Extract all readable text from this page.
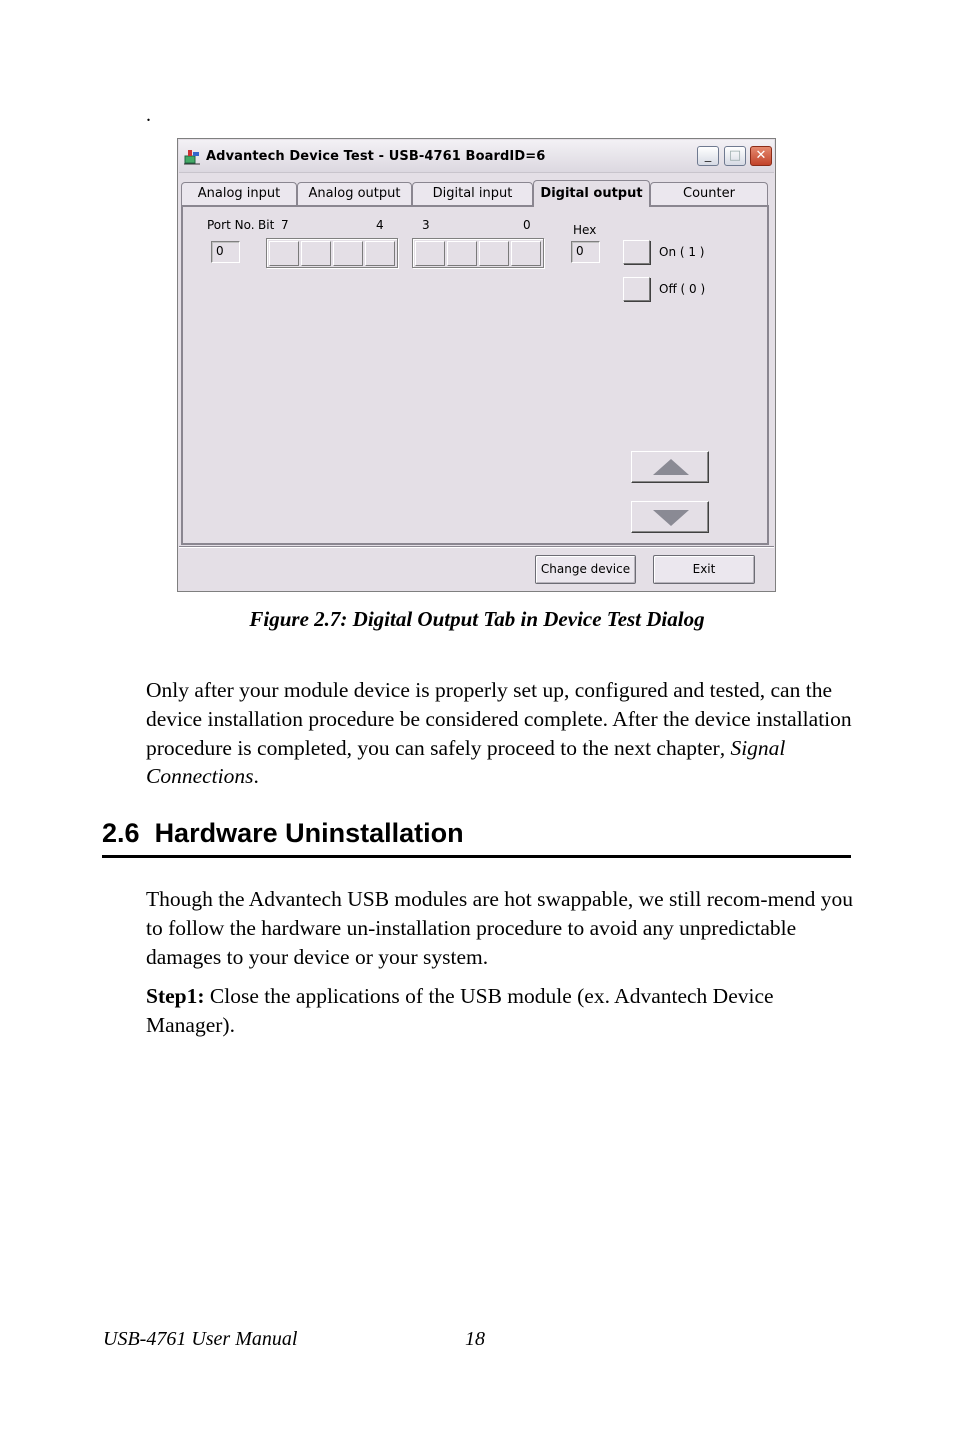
.
Advantech Device Test - USB-4761 BoardID=6	_	□	✕
Analog input	Analog output	Digital input	Digital output	Counter
Port No. Bit 7	4	3	0	Hex
0	0	On ( 1 )
Off ( 0 )
Change device	Exit
Figure 2.7: Digital Output Tab in Device Test Dialog
Only after your module device is properly set up, configured and tested, can the device installation procedure be considered complete. After the device installation procedure is completed, you can safely proceed to the next chapter, Signal Connections.
2.6 Hardware Uninstallation
Though the Advantech USB modules are hot swappable, we still recom-mend you to follow the hardware un-installation procedure to avoid any unpredictable damages to your device or your system.
Step1: Close the applications of the USB module (ex. Advantech Device Manager).
USB-4761 User Manual	18
